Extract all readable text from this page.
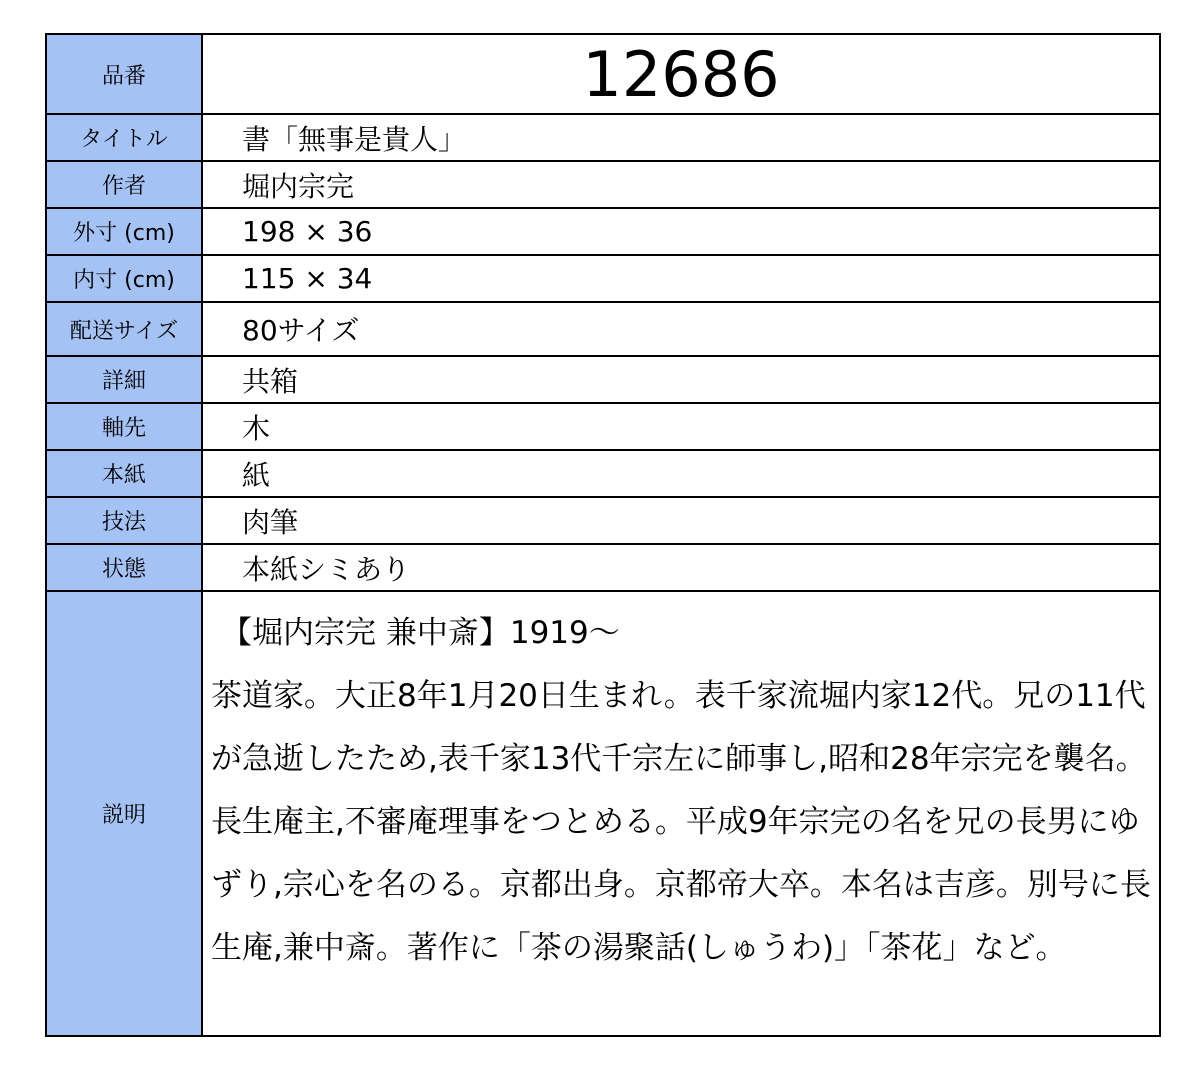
品番	12686
タイトル	書「無事是貴人」
作者	堀内宗完
外寸 (cm)	198 × 36
内寸 (cm)	115 × 34
配送サイズ	80サイズ
詳細	共箱
軸先	木
本紙	紙
技法	肉筆
状態	本紙シミあり
説明	【堀内宗完 兼中斎】1919〜
茶道家。大正8年1月20日生まれ。表千家流堀内家12代。兄の11代が急逝したため,表千家13代千宗左に師事し,昭和28年宗完を襲名。長生庵主,不審庵理事をつとめる。平成9年宗完の名を兄の長男にゆずり,宗心を名のる。京都出身。京都帝大卒。本名は吉彦。別号に長生庵,兼中斎。著作に「茶の湯聚話(しゅうわ)」「茶花」など。
